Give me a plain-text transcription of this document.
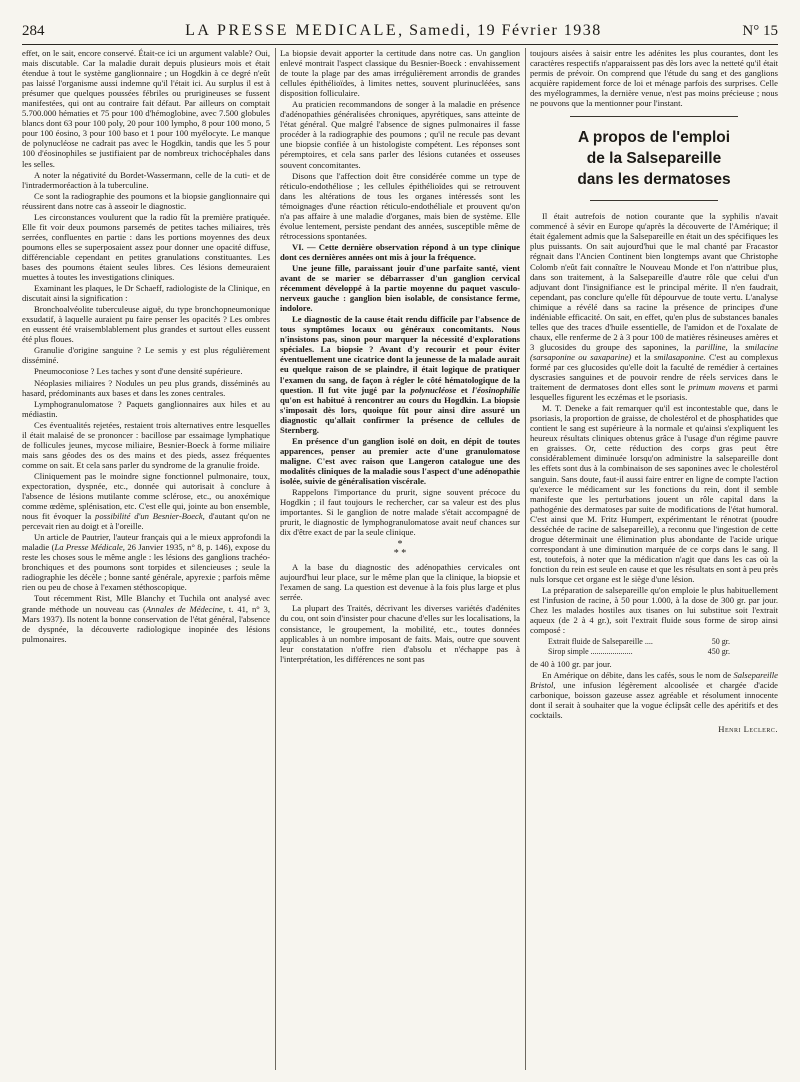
284	LA PRESSE MEDICALE, Samedi, 19 Février 1938	N° 15

effet, on le sait, encore conservé. Était-ce ici un argument valable? Oui, mais discutable. Car la maladie durait depuis plusieurs mois et était étendue à tout le système ganglionnaire ; un Hogdkin à ce degré n'eût pas laissé l'organisme aussi indemne qu'il l'était ici. Au surplus il est à présumer que quelques poussées fébriles ou prurigineuses se fussent manifestées, qui ont au contraire fait défaut. Par ailleurs on comptait 5.700.000 hématies et 75 pour 100 d'hémoglobine, avec 7.500 globules blancs dont 63 pour 100 poly, 20 pour 100 lympho, 8 pour 100 mono, 5 pour 100 éosino, 3 pour 100 baso et 1 pour 100 myélocyte. Le manque de polynucléose ne cadrait pas avec le Hogdkin, tandis que les 5 pour 100 d'éosinophiles se justifiaient par de nombreux trichocéphales dans les selles.

A noter la négativité du Bordet-Wassermann, celle de la cuti- et de l'intradermoréaction à la tuberculine.

Ce sont la radiographie des poumons et la biopsie ganglionnaire qui réussirent dans notre cas à asseoir le diagnostic.

Les circonstances voulurent que la radio fût la première pratiquée. Elle fit voir deux poumons parsemés de petites taches miliaires, très serrées, confluentes en partie : dans les portions moyennes des deux poumons elles se superposaient assez pour donner une opacité diffuse, différenciable cependant en petites granulations constituantes. Les bases des poumons étaient seules libres. Ces lésions demeuraient muettes à toutes les investigations cliniques.

Examinant les plaques, le Dr Schaeff, radiologiste de la Clinique, en discutait ainsi la signification :

Bronchoalvéolite tuberculeuse aiguë, du type bronchopneumonique exsudatif, à laquelle auraient pu faire penser les opacités ? Les ombres en eussent été vraisemblablement plus grandes et surtout elles eussent été plus floues.

Granulie d'origine sanguine ? Le semis y est plus régulièrement disséminé.

Pneumoconiose ? Les taches y sont d'une densité supérieure.

Néoplasies miliaires ? Nodules un peu plus grands, disséminés au hasard, prédominants aux bases et dans les zones centrales.

Lymphogranulomatose ? Paquets ganglionnaires aux hiles et au médiastin.

Ces éventualités rejetées, restaient trois alternatives entre lesquelles il était malaisé de se prononcer : bacillose par essaimage lymphatique de follicules jeunes, mycose miliaire, Besnier-Boeck à forme miliaire mais sans géodes des os des mains et des pieds, assez fréquentes comme on sait. Et cela sans parler du syndrome de la granulie froide.

Cliniquement pas le moindre signe fonctionnel pulmonaire, toux, expectoration, dyspnée, etc., donnée qui autorisait à conclure à l'absence de lésions mutilante comme sclérose, etc., ou anoxémique comme œdème, splénisation, etc. C'est elle qui, jointe au bon ensemble, nous fit évoquer la possibilité d'un Besnier-Boeck, d'autant qu'on ne percevait rien au doigt et à l'oreille.

Un article de Pautrier, l'auteur français qui a le mieux approfondi la maladie (La Presse Médicale, 26 Janvier 1935, n° 8, p. 146), expose du reste les choses sous le même angle : les lésions des ganglions trachéo-bronchiques et des poumons sont torpides et silencieuses ; seule la radiographie les décèle ; bonne santé générale, apyrexie ; parfois même rien ou peu de chose à l'examen stéthoscopique.

Tout récemment Rist, Mlle Blanchy et Tuchila ont analysé avec grande méthode un nouveau cas (Annales de Médecine, t. 41, n° 3, Mars 1937). Ils notent la bonne conservation de l'état général, l'absence de dyspnée, la découverte radiologique inopinée des lésions pulmonaires.

La biopsie devait apporter la certitude dans notre cas. Un ganglion enlevé montrait l'aspect classique du Besnier-Boeck : envahissement de toute la plage par des amas irrégulièrement arrondis de grandes cellules épithélioïdes, à limites nettes, souvent plurinucléées, sans disposition folliculaire.

Au praticien recommandons de songer à la maladie en présence d'adénopathies généralisées chroniques, apyrétiques, sans atteinte de l'état général. Que malgré l'absence de signes pulmonaires il fasse procéder à la radiographie des poumons ; qu'il ne recule pas devant une biopsie confiée à un histologiste compétent. Les réponses sont péremptoires, et cela sans parler des lésions cutanées et osseuses souvent concomitantes.

Disons que l'affection doit être considérée comme un type de réticulo-endothéliose ; les cellules épithélioïdes qui se retrouvent dans les altérations de tous les organes intéressés sont les témoignages d'une réaction réticulo-endothéliale et prouvent qu'on n'a pas affaire à une maladie d'organes, mais bien de système. Elle évolue lentement, persiste pendant des années, susceptible même de rétrocessions spontanées.

VI. — Cette dernière observation répond à un type clinique dont ces dernières années ont mis à jour la fréquence.

Une jeune fille, paraissant jouir d'une parfaite santé, vient avant de se marier se débarrasser d'un ganglion cervical récemment développé à la partie moyenne du paquet vasculo-nerveux gauche : ganglion bien isolable, de consistance ferme, indolore.

Le diagnostic de la cause était rendu difficile par l'absence de tous symptômes locaux ou généraux concomitants. Nous n'insistons pas, sinon pour marquer la nécessité d'explorations spéciales. La biopsie ? Avant d'y recourir et pour éviter éventuellement une cicatrice dont la jeunesse de la malade aurait eu quelque raison de se plaindre, il était logique de pratiquer l'examen du sang, de façon à régler le côté hématologique de la question. Il fut vite jugé par la polynucléose et l'éosinophilie qu'on est habitué à rencontrer au cours du Hogdkin. La biopsie s'imposait dès lors, quoique fût pour ainsi dire assuré un diagnostic qu'allait confirmer la présence de cellules de Sternberg.

En présence d'un ganglion isolé on doit, en dépit de toutes apparences, penser au premier acte d'une granulomatose maligne. C'est avec raison que Langeron catalogue une des modalités cliniques de la maladie sous l'aspect d'une adénopathie isolée, suivie de généralisation viscérale.

Rappelons l'importance du prurit, signe souvent précoce du Hogdkin ; il faut toujours le rechercher, car sa valeur est des plus importantes. Si le ganglion de notre malade s'était accompagné de prurit, le diagnostic de lymphogranulomatose avait neuf chances sur dix d'être exact de par la seule clinique.

*
* *

A la base du diagnostic des adénopathies cervicales ont aujourd'hui leur place, sur le même plan que la clinique, la biopsie et l'examen de sang. La question est devenue à la fois plus large et plus serrée.

La plupart des Traités, décrivant les diverses variétés d'adénites du cou, ont soin d'insister pour chacune d'elles sur les localisations, la consistance, le groupement, la mobilité, etc., toutes données applicables à un nombre imposant de faits. Mais, outre que souvent leur constatation n'offre rien d'absolu et n'échappe pas à l'interprétation, les différences ne sont pas

toujours aisées à saisir entre les adénites les plus courantes, dont les caractères respectifs n'apparaissent pas dès lors avec la netteté qu'il était permis de prévoir. On comprend que l'étude du sang et des ganglions acquière rapidement force de loi et ménage parfois des surprises. Celle des myélogrammes, la dernière venue, n'est pas moins précieuse ; nous ne pouvons que la mentionner pour l'instant.

A propos de l'emploi
de la Salsepareille
dans les dermatoses

Il était autrefois de notion courante que la syphilis n'avait commencé à sévir en Europe qu'après la découverte de l'Amérique; il était également admis que la Salsepareille en était un des spécifiques les plus puissants. On sait aujourd'hui que le mal chanté par Fracastor régnait dans l'Ancien Continent bien longtemps avant que Christophe Colomb n'eût fait connaître le Nouveau Monde et l'on n'attribue plus, dans son traitement, à la Salsepareille d'autre rôle que celui d'un adjuvant dont l'insignifiance est le principal mérite. Il n'en faudrait, cependant, pas conclure qu'elle fût dépourvue de toute vertu. L'analyse chimique a révélé dans sa racine la présence de principes d'une indéniable efficacité. On sait, en effet, qu'en plus de substances banales telles que des traces d'huile essentielle, de l'amidon et de l'oxalate de chaux, elle renferme de 2 à 3 pour 100 de matières résineuses amères et 3 glucosides du groupe des saponines, la parilline, la smilacine (sarsaponine ou saxaparine) et la smilasaponine. C'est au complexus formé par ces glucosides qu'elle doit la faculté de remédier à certaines dyscrasies sanguines et de pouvoir rendre de réels services dans le traitement de dermatoses dont elles sont le primum movens et parmi lesquelles figurent les eczémas et le psoriasis.

M. T. Deneke a fait remarquer qu'il est incontestable que, dans le psoriasis, la proportion de graisse, de cholestérol et de phosphatides que contient le sang est supérieure à la normale et qu'ainsi s'expliquent les heureux résultats cliniques obtenus grâce à l'usage d'un régime pauvre en graisses. Or, cette réduction des corps gras peut être considérablement diminuée lorsqu'on administre la salsepareille dont les effets sont dus à la combinaison de ses saponines avec le cholestérol sanguin. Sans doute, faut-il aussi faire entrer en ligne de compte l'action qu'exerce le médicament sur les fonctions du rein, dont il semble manifeste que les perturbations jouent un rôle capital dans la pathogénie des dermatoses par suite de modifications de l'état humoral. C'est ainsi que M. Fritz Humpert, expérimentant le rénotrat (poudre desséchée de racine de salsepareille), a reconnu que l'ingestion de cette drogue déterminait une élimination plus abondante de l'acide urique correspondant à une diminution marquée de ce corps dans le sang. Il est, toutefois, à noter que la médication n'agit que dans les cas où la fonction du rein est seule en cause et que les résultats en sont à peu près nuls lorsque cet organe est le siège d'une lésion.

La préparation de salsepareille qu'on emploie le plus habituellement est l'infusion de racine, à 50 pour 1.000, à la dose de 300 gr. par jour. Chez les malades hostiles aux tisanes on lui substitue soit l'extrait aqueux (de 2 à 4 gr.), soit l'extrait fluide sous forme de sirop ainsi composé :

Extrait fluide de Salsepareille ....	50 gr.
Sirop simple .....................	450 gr.

de 40 à 100 gr. par jour.

En Amérique on débite, dans les cafés, sous le nom de Salsepareille Bristol, une infusion légèrement alcoolisée et chargée d'acide carbonique, boisson gazeuse assez agréable et résolument innocente dont il serait à souhaiter que la vogue éclipsât celle des apéritifs et des cocktails.

Henri Leclerc.
